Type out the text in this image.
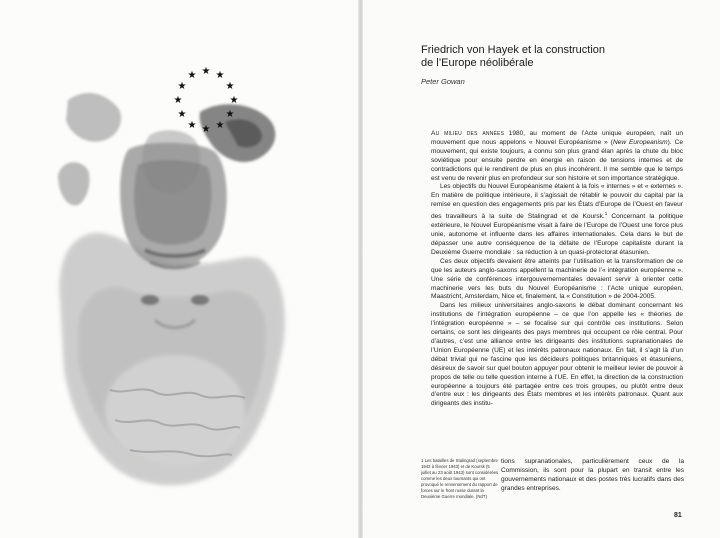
★ ★
★
★
★
★
★
★
★
★
★
★
Friedrich von Hayek et la construction
de l’Europe néolibérale

Peter Gowan

Au milieu des années 1980, au moment de l’Acte unique européen, naît un mouvement que nous appelons « Nouvel Européanisme » (New Europeanism). Ce mouvement, qui existe toujours, a connu son plus grand élan après la chute du bloc soviétique pour ensuite perdre en énergie en raison de tensions internes et de contradictions qui le rendirent de plus en plus incohérent. Il me semble que le temps est venu de revenir plus en profondeur sur son histoire et son importance stratégique.

Les objectifs du Nouvel Européanisme étaient à la fois « internes » et « externes ». En matière de politique intérieure, il s’agissait de rétablir le pouvoir du capital par la remise en question des engagements pris par les États d’Europe de l’Ouest en faveur des travailleurs à la suite de Stalingrad et de Koursk.$^1$ Concernant la politique extérieure, le Nouvel Européanisme visait à faire de l’Europe de l’Ouest une force plus unie, autonome et influente dans les affaires internationales. Cela dans le but de dépasser une autre conséquence de la défaite de l’Europe capitaliste durant la Deuxième Guerre mondiale : sa réduction à un quasi-protectorat étasunien.

Ces deux objectifs devaient être atteints par l’utilisation et la transformation de ce que les auteurs anglo-saxons appellent la machinerie de l’« intégration européenne ». Une série de conférences intergouvernementales devaient servir à orienter cette machinerie vers les buts du Nouvel Européanisme : l’Acte unique européen, Maastricht, Amsterdam, Nice et, finalement, la « Constitution » de 2004-2005.

Dans les milieux universitaires anglo-saxons le débat dominant concernant les institutions de l’intégration européenne – ce que l’on appelle les « théories de l’intégration européenne » – se focalise sur qui contrôle ces institutions. Selon certains, ce sont les dirigeants des pays membres qui occupent ce rôle central. Pour d’autres, c’est une alliance entre les dirigeants des institutions supranationales de l’Union Européenne (UE) et les intérêts patronaux nationaux. En fait, il s’agit là d’un débat trivial qui ne fascine que les décideurs politiques britanniques et étasuniens, désireux de savoir sur quel bouton appuyer pour obtenir le meilleur levier de pouvoir à propos de telle ou telle question interne à l’UE. En effet, la direction de la construction européenne a toujours été partagée entre ces trois groupes, ou plutôt entre deux d’entre eux : les dirigeants des États membres et les intérêts patronaux. Quant aux dirigeants des institu-

1 Les batailles de Stalingrad (septembre 1942 à février 1943) et de Koursk (5 juillet au 23 août 1943) sont considérées comme les deux tournants qui ont provoqué le renversement du rapport de forces sur le front russe durant la Deuxième Guerre mondiale. (NdT)
tions supranationales, particulièrement ceux de la Commission, ils sont pour la plupart en transit entre les gouvernements nationaux et des postes très lucratifs dans des grandes entreprises.
81
